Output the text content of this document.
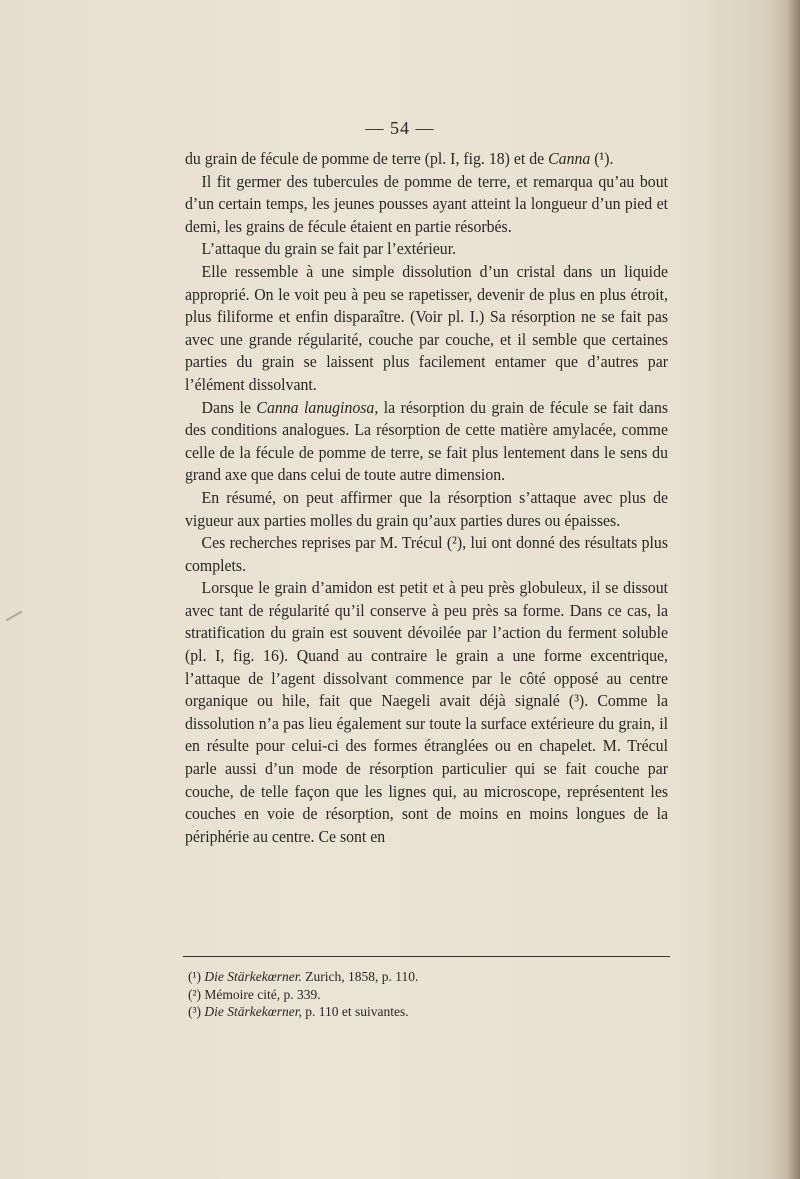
— 54 —

du grain de fécule de pomme de terre (pl. I, fig. 18) et de Canna (¹).

Il fit germer des tubercules de pomme de terre, et remarqua qu’au bout d’un certain temps, les jeunes pousses ayant atteint la longueur d’un pied et demi, les grains de fécule étaient en partie résorbés.

L’attaque du grain se fait par l’extérieur.

Elle ressemble à une simple dissolution d’un cristal dans un liquide approprié. On le voit peu à peu se rapetisser, devenir de plus en plus étroit, plus filiforme et enfin disparaître. (Voir pl. I.) Sa résorption ne se fait pas avec une grande régularité, couche par couche, et il semble que certaines parties du grain se laissent plus facilement entamer que d’autres par l’élément dissolvant.

Dans le Canna lanuginosa, la résorption du grain de fécule se fait dans des conditions analogues. La résorption de cette matière amylacée, comme celle de la fécule de pomme de terre, se fait plus lentement dans le sens du grand axe que dans celui de toute autre dimension.

En résumé, on peut affirmer que la résorption s’attaque avec plus de vigueur aux parties molles du grain qu’aux parties dures ou épaisses.

Ces recherches reprises par M. Trécul (²), lui ont donné des résultats plus complets.

Lorsque le grain d’amidon est petit et à peu près globuleux, il se dissout avec tant de régularité qu’il conserve à peu près sa forme. Dans ce cas, la stratification du grain est souvent dévoilée par l’action du ferment soluble (pl. I, fig. 16). Quand au contraire le grain a une forme excentrique, l’attaque de l’agent dissolvant commence par le côté opposé au centre organique ou hile, fait que Naegeli avait déjà signalé (³). Comme la dissolution n’a pas lieu également sur toute la surface extérieure du grain, il en résulte pour celui-ci des formes étranglées ou en chapelet. M. Trécul parle aussi d’un mode de résorption particulier qui se fait couche par couche, de telle façon que les lignes qui, au microscope, représentent les couches en voie de résorption, sont de moins en moins longues de la périphérie au centre. Ce sont en

(¹) Die Stärkekœrner. Zurich, 1858, p. 110.
(²) Mémoire cité, p. 339.
(³) Die Stärkekœrner, p. 110 et suivantes.
